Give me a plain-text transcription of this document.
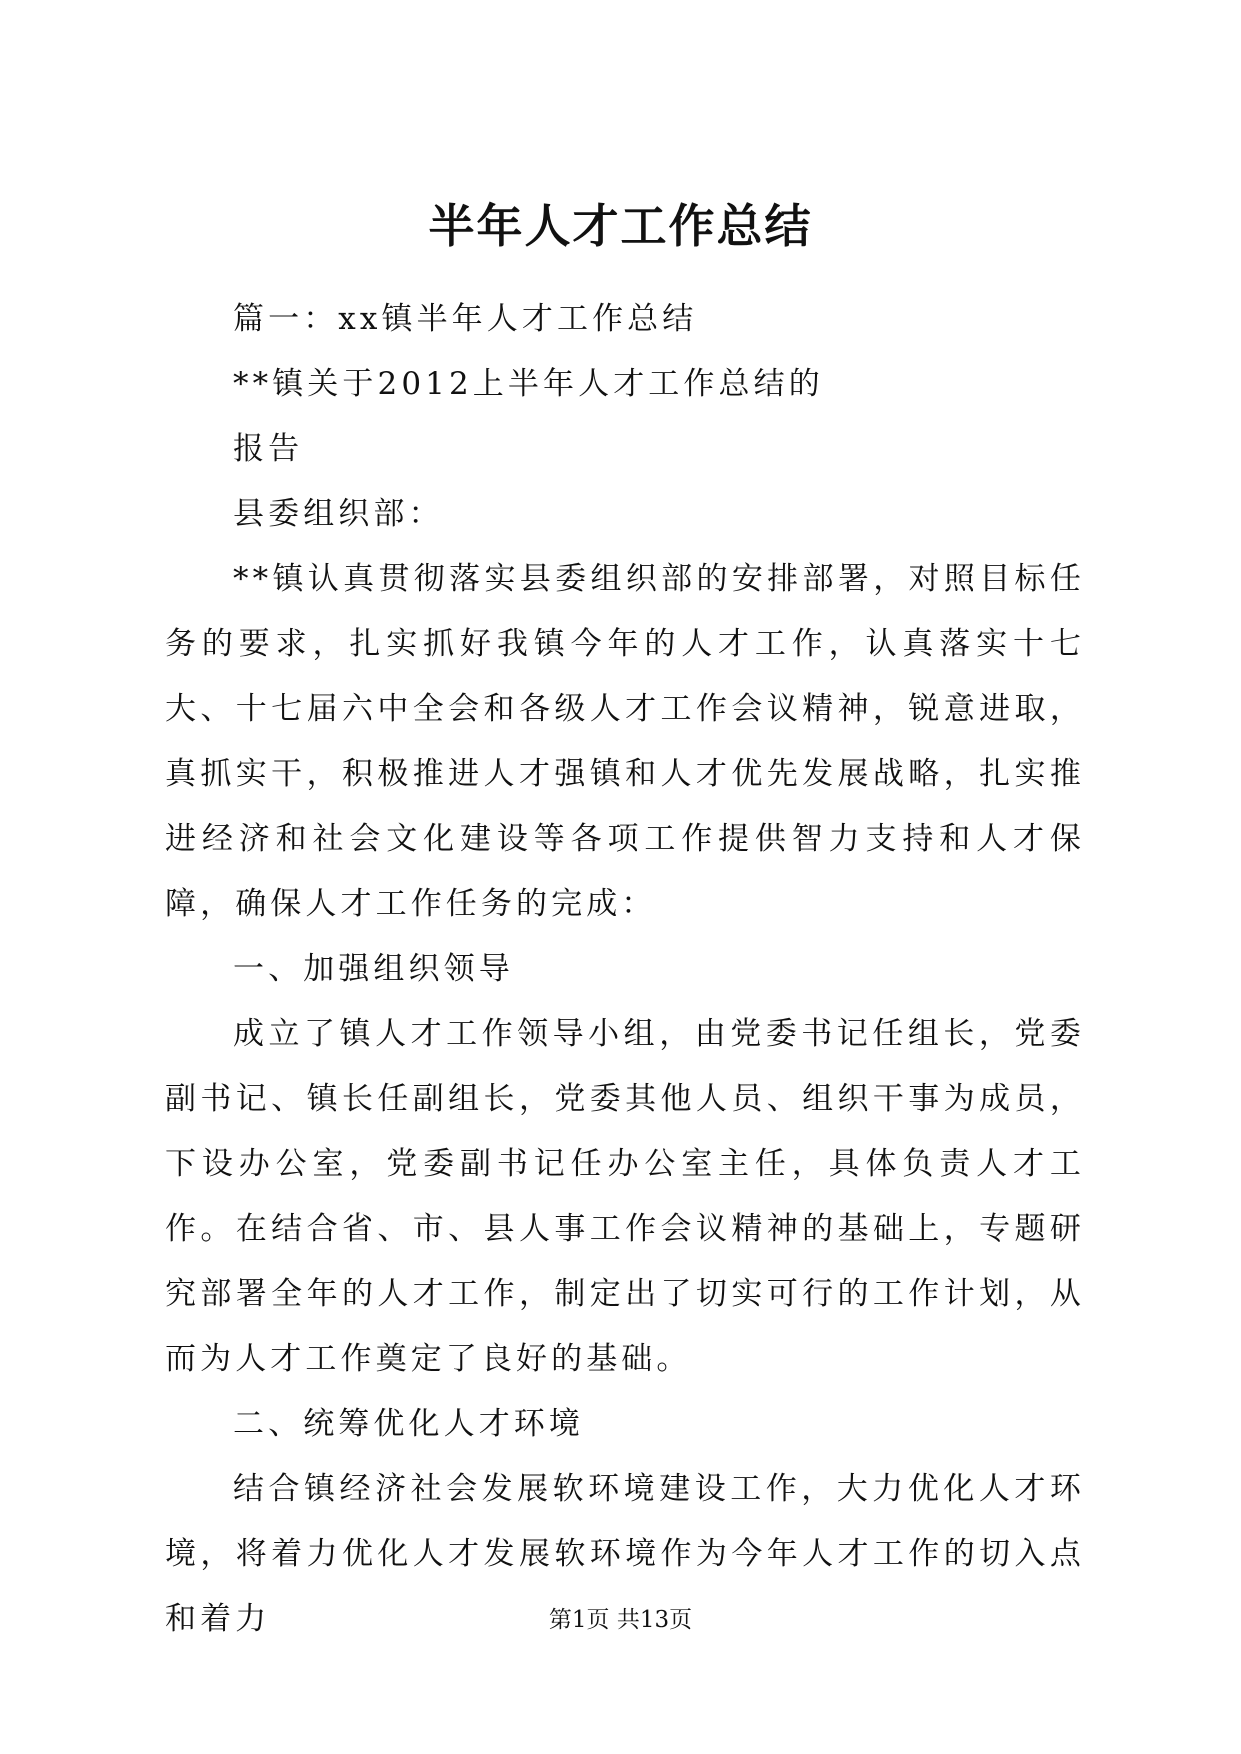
半年人才工作总结

篇一：xx镇半年人才工作总结

**镇关于2012上半年人才工作总结的

报告

县委组织部：

**镇认真贯彻落实县委组织部的安排部署，对照目标任务的要求，扎实抓好我镇今年的人才工作，认真落实十七大、十七届六中全会和各级人才工作会议精神，锐意进取，真抓实干，积极推进人才强镇和人才优先发展战略，扎实推进经济和社会文化建设等各项工作提供智力支持和人才保障，确保人才工作任务的完成：

一、加强组织领导

成立了镇人才工作领导小组，由党委书记任组长，党委副书记、镇长任副组长，党委其他人员、组织干事为成员，下设办公室，党委副书记任办公室主任，具体负责人才工作。在结合省、市、县人事工作会议精神的基础上，专题研究部署全年的人才工作，制定出了切实可行的工作计划，从而为人才工作奠定了良好的基础。

二、统筹优化人才环境

结合镇经济社会发展软环境建设工作，大力优化人才环境，将着力优化人才发展软环境作为今年人才工作的切入点和着力	第1页 共13页
